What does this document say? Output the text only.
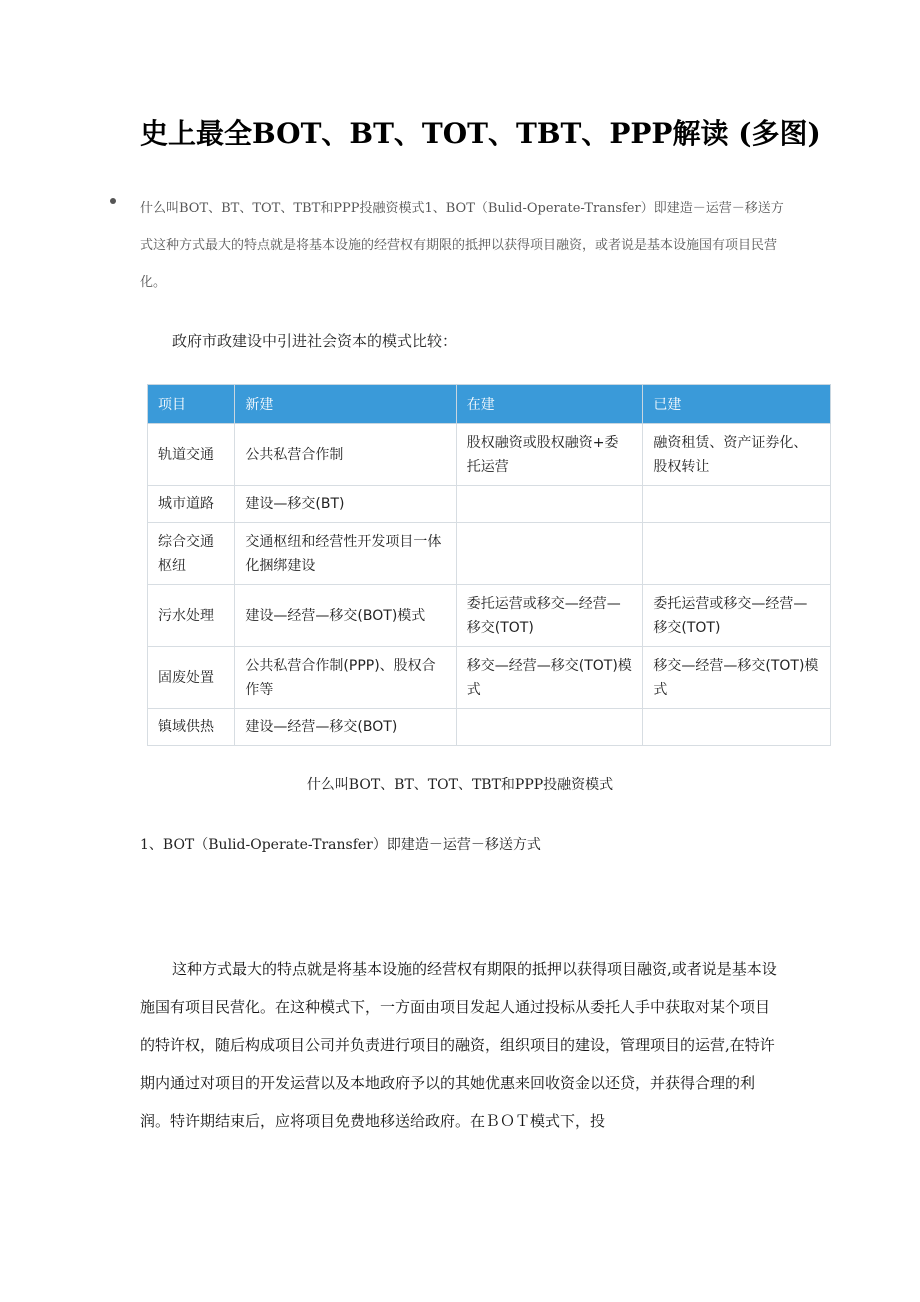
史上最全BOT、BT、TOT、TBT、PPP解读 (多图)
什么叫BOT、BT、TOT、TBT和PPP投融资模式1、BOT（Bulid-Operate-Transfer）即建造－运营－移送方式这种方式最大的特点就是将基本设施的经营权有期限的抵押以获得项目融资，或者说是基本设施国有项目民营化。
政府市政建设中引进社会资本的模式比较：
项目	新建	在建	已建
轨道交通	公共私营合作制	股权融资或股权融资+委托运营	融资租赁、资产证券化、股权转让
城市道路	建设—移交(BT)		
综合交通枢纽	交通枢纽和经营性开发项目一体化捆绑建设		
污水处理	建设—经营—移交(BOT)模式	委托运营或移交—经营—移交(TOT)	委托运营或移交—经营—移交(TOT)
固废处置	公共私营合作制(PPP)、股权合作等	移交—经营—移交(TOT)模式	移交—经营—移交(TOT)模式
镇域供热	建设—经营—移交(BOT)		
什么叫BOT、BT、TOT、TBT和PPP投融资模式
1、BOT（Bulid-Operate-Transfer）即建造－运营－移送方式

这种方式最大的特点就是将基本设施的经营权有期限的抵押以获得项目融资,或者说是基本设施国有项目民营化。在这种模式下，一方面由项目发起人通过投标从委托人手中获取对某个项目的特许权，随后构成项目公司并负责进行项目的融资，组织项目的建设，管理项目的运营,在特许期内通过对项目的开发运营以及本地政府予以的其她优惠来回收资金以还贷，并获得合理的利润。特许期结束后，应将项目免费地移送给政府。在ＢＯＴ模式下，投
